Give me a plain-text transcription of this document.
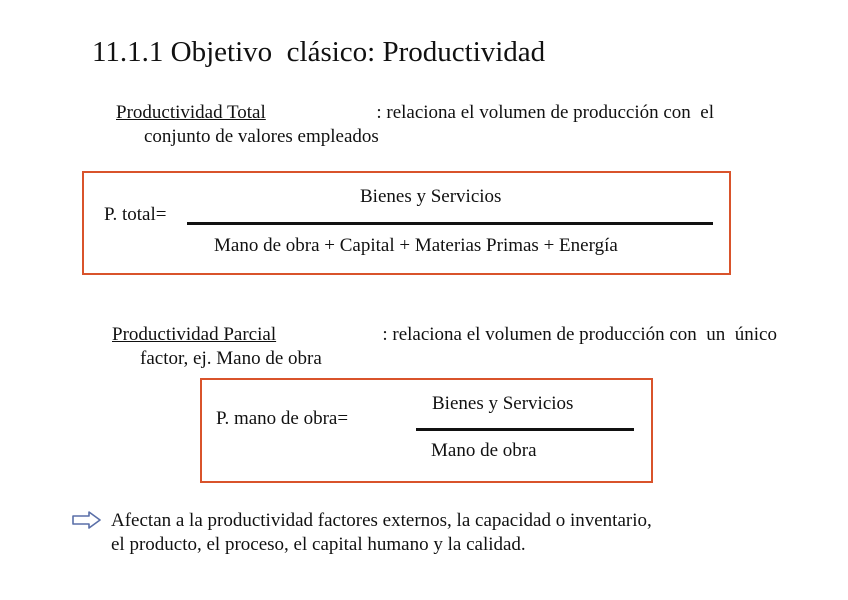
11.1.1 Objetivo  clásico: Productividad
Productividad Total	: relaciona el volumen de producción con  el
conjunto de valores empleados
P. total=
Bienes y Servicios
Mano de obra + Capital + Materias Primas + Energía
Productividad Parcial	: relaciona el volumen de producción con  un  único
factor, ej. Mano de obra
P. mano de obra=
Bienes y Servicios
Mano de obra
Afectan a la productividad factores externos, la capacidad o inventario,
el producto, el proceso, el capital humano y la calidad.
